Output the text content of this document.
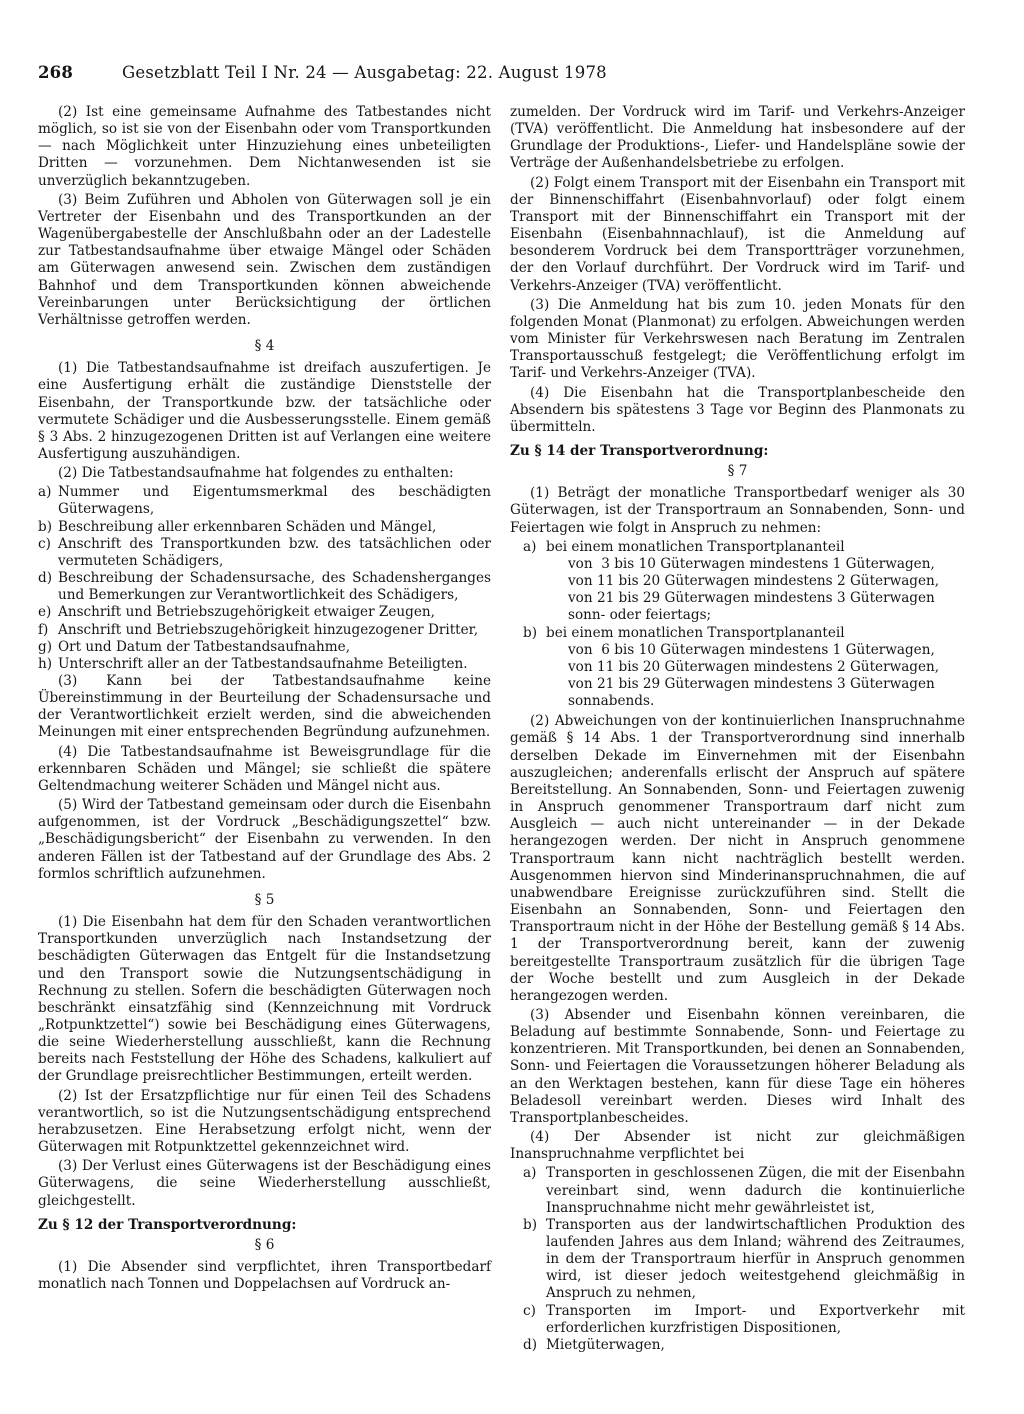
268	Gesetzblatt Teil I Nr. 24 — Ausgabetag: 22. August 1978

(2) Ist eine gemeinsame Aufnahme des Tatbestandes nicht möglich, so ist sie von der Eisenbahn oder vom Transportkunden — nach Möglichkeit unter Hinzuziehung eines unbeteiligten Dritten — vorzunehmen. Dem Nichtanwesenden ist sie unverzüglich bekanntzugeben.

(3) Beim Zuführen und Abholen von Güterwagen soll je ein Vertreter der Eisenbahn und des Transportkunden an der Wagenübergabestelle der Anschlußbahn oder an der Ladestelle zur Tatbestandsaufnahme über etwaige Mängel oder Schäden am Güterwagen anwesend sein. Zwischen dem zuständigen Bahnhof und dem Transportkunden können abweichende Vereinbarungen unter Berücksichtigung der örtlichen Verhältnisse getroffen werden.

§ 4

(1) Die Tatbestandsaufnahme ist dreifach auszufertigen. Je eine Ausfertigung erhält die zuständige Dienststelle der Eisenbahn, der Transportkunde bzw. der tatsächliche oder vermutete Schädiger und die Ausbesserungsstelle. Einem gemäß § 3 Abs. 2 hinzugezogenen Dritten ist auf Verlangen eine weitere Ausfertigung auszuhändigen.

(2) Die Tatbestandsaufnahme hat folgendes zu enthalten:

a) Nummer und Eigentumsmerkmal des beschädigten Güterwagens,
b) Beschreibung aller erkennbaren Schäden und Mängel,
c) Anschrift des Transportkunden bzw. des tatsächlichen oder vermuteten Schädigers,
d) Beschreibung der Schadensursache, des Schadensherganges und Bemerkungen zur Verantwortlichkeit des Schädigers,
e) Anschrift und Betriebszugehörigkeit etwaiger Zeugen,
f) Anschrift und Betriebszugehörigkeit hinzugezogener Dritter,
g) Ort und Datum der Tatbestandsaufnahme,
h) Unterschrift aller an der Tatbestandsaufnahme Beteiligten.

(3) Kann bei der Tatbestandsaufnahme keine Übereinstimmung in der Beurteilung der Schadensursache und der Verantwortlichkeit erzielt werden, sind die abweichenden Meinungen mit einer entsprechenden Begründung aufzunehmen.

(4) Die Tatbestandsaufnahme ist Beweisgrundlage für die erkennbaren Schäden und Mängel; sie schließt die spätere Geltendmachung weiterer Schäden und Mängel nicht aus.

(5) Wird der Tatbestand gemeinsam oder durch die Eisenbahn aufgenommen, ist der Vordruck „Beschädigungszettel“ bzw. „Beschädigungsbericht“ der Eisenbahn zu verwenden. In den anderen Fällen ist der Tatbestand auf der Grundlage des Abs. 2 formlos schriftlich aufzunehmen.

§ 5

(1) Die Eisenbahn hat dem für den Schaden verantwortlichen Transportkunden unverzüglich nach Instandsetzung der beschädigten Güterwagen das Entgelt für die Instandsetzung und den Transport sowie die Nutzungsentschädigung in Rechnung zu stellen. Sofern die beschädigten Güterwagen noch beschränkt einsatzfähig sind (Kennzeichnung mit Vordruck „Rotpunktzettel“) sowie bei Beschädigung eines Güterwagens, die seine Wiederherstellung ausschließt, kann die Rechnung bereits nach Feststellung der Höhe des Schadens, kalkuliert auf der Grundlage preisrechtlicher Bestimmungen, erteilt werden.

(2) Ist der Ersatzpflichtige nur für einen Teil des Schadens verantwortlich, so ist die Nutzungsentschädigung entsprechend herabzusetzen. Eine Herabsetzung erfolgt nicht, wenn der Güterwagen mit Rotpunktzettel gekennzeichnet wird.

(3) Der Verlust eines Güterwagens ist der Beschädigung eines Güterwagens, die seine Wiederherstellung ausschließt, gleichgestellt.

Zu § 12 der Transportverordnung:

§ 6

(1) Die Absender sind verpflichtet, ihren Transportbedarf monatlich nach Tonnen und Doppelachsen auf Vordruck an-

zumelden. Der Vordruck wird im Tarif- und Verkehrs-Anzeiger (TVA) veröffentlicht. Die Anmeldung hat insbesondere auf der Grundlage der Produktions-, Liefer- und Handelspläne sowie der Verträge der Außenhandelsbetriebe zu erfolgen.

(2) Folgt einem Transport mit der Eisenbahn ein Transport mit der Binnenschiffahrt (Eisenbahnvorlauf) oder folgt einem Transport mit der Binnenschiffahrt ein Transport mit der Eisenbahn (Eisenbahnnachlauf), ist die Anmeldung auf besonderem Vordruck bei dem Transportträger vorzunehmen, der den Vorlauf durchführt. Der Vordruck wird im Tarif- und Verkehrs-Anzeiger (TVA) veröffentlicht.

(3) Die Anmeldung hat bis zum 10. jeden Monats für den folgenden Monat (Planmonat) zu erfolgen. Abweichungen werden vom Minister für Verkehrswesen nach Beratung im Zentralen Transportausschuß festgelegt; die Veröffentlichung erfolgt im Tarif- und Verkehrs-Anzeiger (TVA).

(4) Die Eisenbahn hat die Transportplanbescheide den Absendern bis spätestens 3 Tage vor Beginn des Planmonats zu übermitteln.

Zu § 14 der Transportverordnung:

§ 7

(1) Beträgt der monatliche Transportbedarf weniger als 30 Güterwagen, ist der Transportraum an Sonnabenden, Sonn- und Feiertagen wie folgt in Anspruch zu nehmen:

a) bei einem monatlichen Transportplananteil
von  3 bis 10 Güterwagen mindestens 1 Güterwagen,
von 11 bis 20 Güterwagen mindestens 2 Güterwagen,
von 21 bis 29 Güterwagen mindestens 3 Güterwagen
sonn- oder feiertags;
b) bei einem monatlichen Transportplananteil
von  6 bis 10 Güterwagen mindestens 1 Güterwagen,
von 11 bis 20 Güterwagen mindestens 2 Güterwagen,
von 21 bis 29 Güterwagen mindestens 3 Güterwagen
sonnabends.

(2) Abweichungen von der kontinuierlichen Inanspruchnahme gemäß § 14 Abs. 1 der Transportverordnung sind innerhalb derselben Dekade im Einvernehmen mit der Eisenbahn auszugleichen; anderenfalls erlischt der Anspruch auf spätere Bereitstellung. An Sonnabenden, Sonn- und Feiertagen zuwenig in Anspruch genommener Transportraum darf nicht zum Ausgleich — auch nicht untereinander — in der Dekade herangezogen werden. Der nicht in Anspruch genommene Transportraum kann nicht nachträglich bestellt werden. Ausgenommen hiervon sind Minderinanspruchnahmen, die auf unabwendbare Ereignisse zurückzuführen sind. Stellt die Eisenbahn an Sonnabenden, Sonn- und Feiertagen den Transportraum nicht in der Höhe der Bestellung gemäß § 14 Abs. 1 der Transportverordnung bereit, kann der zuwenig bereitgestellte Transportraum zusätzlich für die übrigen Tage der Woche bestellt und zum Ausgleich in der Dekade herangezogen werden.

(3) Absender und Eisenbahn können vereinbaren, die Beladung auf bestimmte Sonnabende, Sonn- und Feiertage zu konzentrieren. Mit Transportkunden, bei denen an Sonnabenden, Sonn- und Feiertagen die Voraussetzungen höherer Beladung als an den Werktagen bestehen, kann für diese Tage ein höheres Beladesoll vereinbart werden. Dieses wird Inhalt des Transportplanbescheides.

(4) Der Absender ist nicht zur gleichmäßigen Inanspruchnahme verpflichtet bei

a) Transporten in geschlossenen Zügen, die mit der Eisenbahn vereinbart sind, wenn dadurch die kontinuierliche Inanspruchnahme nicht mehr gewährleistet ist,
b) Transporten aus der landwirtschaftlichen Produktion des laufenden Jahres aus dem Inland; während des Zeitraumes, in dem der Transportraum hierfür in Anspruch genommen wird, ist dieser jedoch weitestgehend gleichmäßig in Anspruch zu nehmen,
c) Transporten im Import- und Exportverkehr mit erforderlichen kurzfristigen Dispositionen,
d) Mietgüterwagen,
